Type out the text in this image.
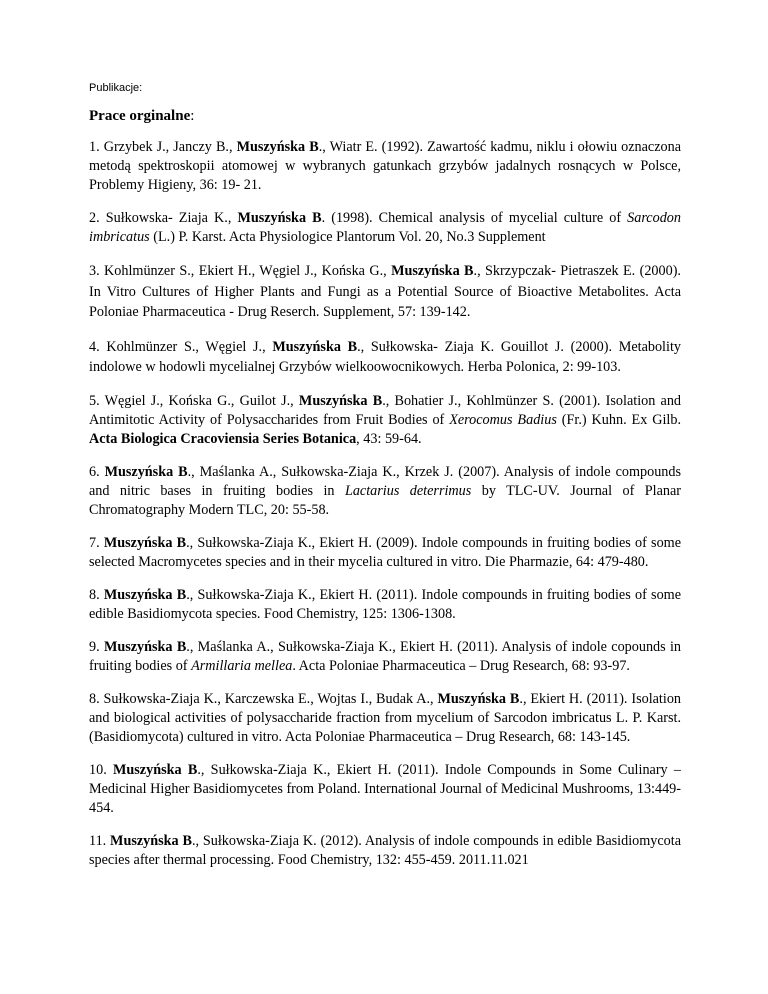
Publikacje:
Prace orginalne:

1. Grzybek J., Janczy B., Muszyńska B., Wiatr E. (1992). Zawartość kadmu, niklu i ołowiu oznaczona metodą spektroskopii atomowej w wybranych gatunkach grzybów jadalnych rosnących w Polsce, Problemy Higieny, 36: 19- 21.

2. Sułkowska- Ziaja K., Muszyńska B. (1998). Chemical analysis of mycelial culture of Sarcodon imbricatus (L.) P. Karst. Acta Physiologice Plantorum Vol. 20, No.3 Supplement

3. Kohlmünzer S., Ekiert H., Węgiel J., Końska G., Muszyńska B., Skrzypczak- Pietraszek E. (2000). In Vitro Cultures of Higher Plants and Fungi as a Potential Source of Bioactive Metabolites. Acta Poloniae Pharmaceutica - Drug Reserch. Supplement, 57: 139-142.

4. Kohlmünzer S., Węgiel J., Muszyńska B., Sułkowska- Ziaja K. Gouillot J. (2000). Metabolity indolowe w hodowli mycelialnej Grzybów wielkoowocnikowych. Herba Polonica, 2: 99-103.

5. Węgiel J., Końska G., Guilot J., Muszyńska B., Bohatier J., Kohlmünzer S. (2001). Isolation and Antimitotic Activity of Polysaccharides from Fruit Bodies of Xerocomus Badius (Fr.) Kuhn. Ex Gilb. Acta Biologica Cracoviensia Series Botanica, 43: 59-64.

6. Muszyńska B., Maślanka A., Sułkowska-Ziaja K., Krzek J. (2007). Analysis of indole compounds and nitric bases in fruiting bodies in Lactarius deterrimus by TLC-UV. Journal of Planar Chromatography Modern TLC, 20: 55-58.

7. Muszyńska B., Sułkowska-Ziaja K., Ekiert H. (2009). Indole compounds in fruiting bodies of some selected Macromycetes species and in their mycelia cultured in vitro. Die Pharmazie, 64: 479-480.

8. Muszyńska B., Sułkowska-Ziaja K., Ekiert H. (2011). Indole compounds in fruiting bodies of some edible Basidiomycota species. Food Chemistry, 125: 1306-1308.

9. Muszyńska B., Maślanka A., Sułkowska-Ziaja K., Ekiert H. (2011). Analysis of indole copounds in fruiting bodies of Armillaria mellea. Acta Poloniae Pharmaceutica – Drug Research, 68: 93-97.

8. Sułkowska-Ziaja K., Karczewska E., Wojtas I., Budak A., Muszyńska B., Ekiert H. (2011). Isolation and biological activities of polysaccharide fraction from mycelium of Sarcodon imbricatus L. P. Karst. (Basidiomycota) cultured in vitro. Acta Poloniae Pharmaceutica – Drug Research, 68: 143-145.

10. Muszyńska B., Sułkowska-Ziaja K., Ekiert H. (2011). Indole Compounds in Some Culinary – Medicinal Higher Basidiomycetes from Poland. International Journal of Medicinal Mushrooms, 13:449-454.

11. Muszyńska B., Sułkowska-Ziaja K. (2012). Analysis of indole compounds in edible Basidiomycota species after thermal processing. Food Chemistry, 132: 455-459. 2011.11.021
